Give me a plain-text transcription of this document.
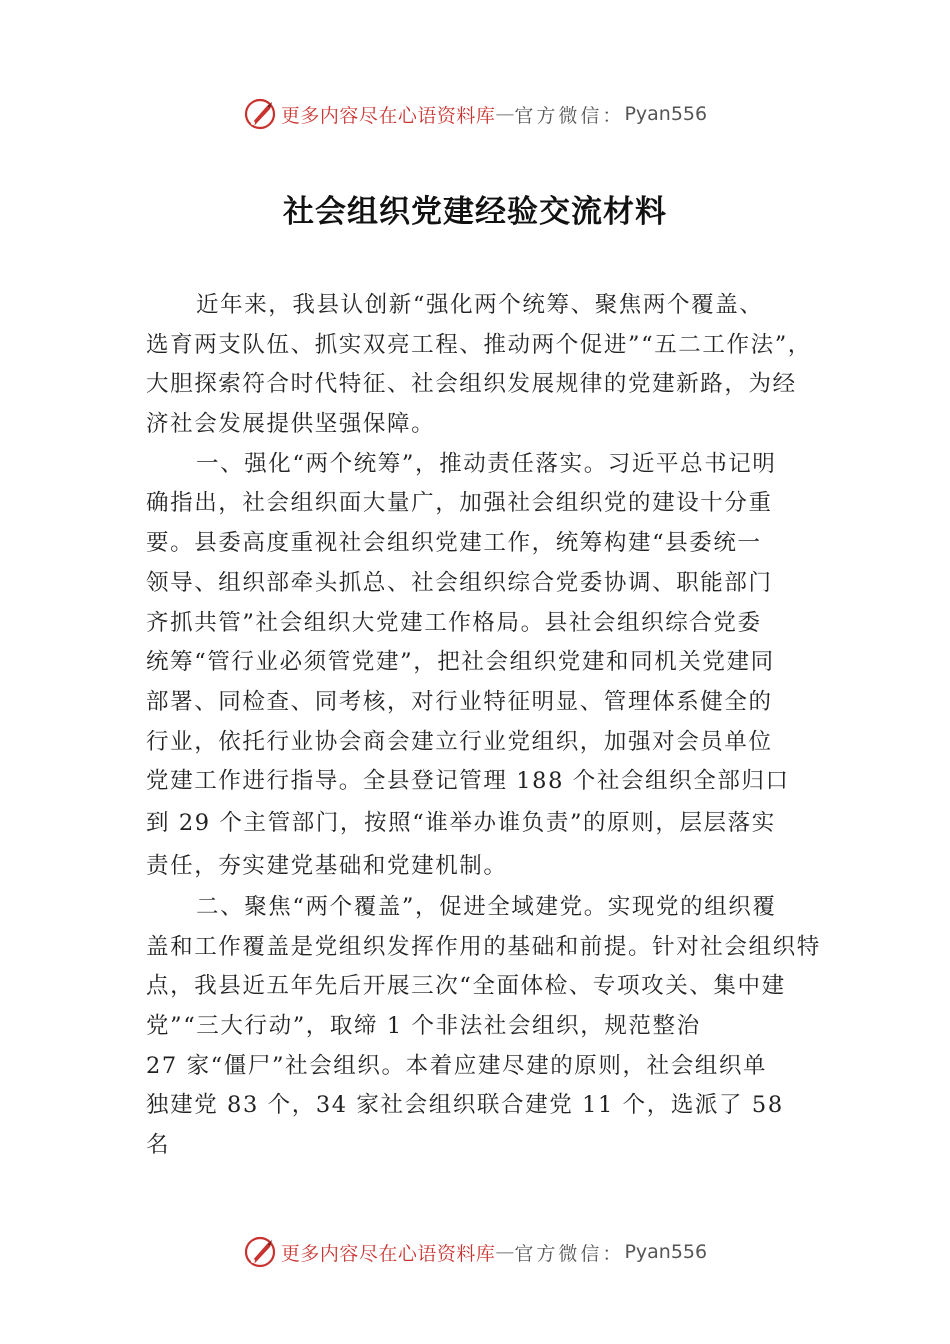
更多内容尽在心语资料库 — 官方微信： Pyan556
社会组织党建经验交流材料
近年来，我县认创新“强化两个统筹、聚焦两个覆盖、
选育两支队伍、抓实双亮工程、推动两个促进”“五二工作法”，
大胆探索符合时代特征、社会组织发展规律的党建新路，为经
济社会发展提供坚强保障。
一、强化“两个统筹”，推动责任落实。习近平总书记明
确指出，社会组织面大量广，加强社会组织党的建设十分重
要。县委高度重视社会组织党建工作，统筹构建“县委统一
领导、组织部牵头抓总、社会组织综合党委协调、职能部门
齐抓共管”社会组织大党建工作格局。县社会组织综合党委
统筹“管行业必须管党建”，把社会组织党建和同机关党建同
部署、同检查、同考核，对行业特征明显、管理体系健全的
行业，依托行业协会商会建立行业党组织，加强对会员单位
党建工作进行指导。全县登记管理 188 个社会组织全部归口
到 29 个主管部门，按照“谁举办谁负责”的原则，层层落实
责任，夯实建党基础和党建机制。
二、聚焦“两个覆盖”，促进全域建党。实现党的组织覆
盖和工作覆盖是党组织发挥作用的基础和前提。针对社会组织特
点，我县近五年先后开展三次“全面体检、专项攻关、集中建
党”“三大行动”，取缔 1 个非法社会组织，规范整治
27 家“僵尸”社会组织。本着应建尽建的原则，社会组织单
独建党 83 个，34 家社会组织联合建党 11 个，选派了 58
名
更多内容尽在心语资料库 — 官方微信： Pyan556
